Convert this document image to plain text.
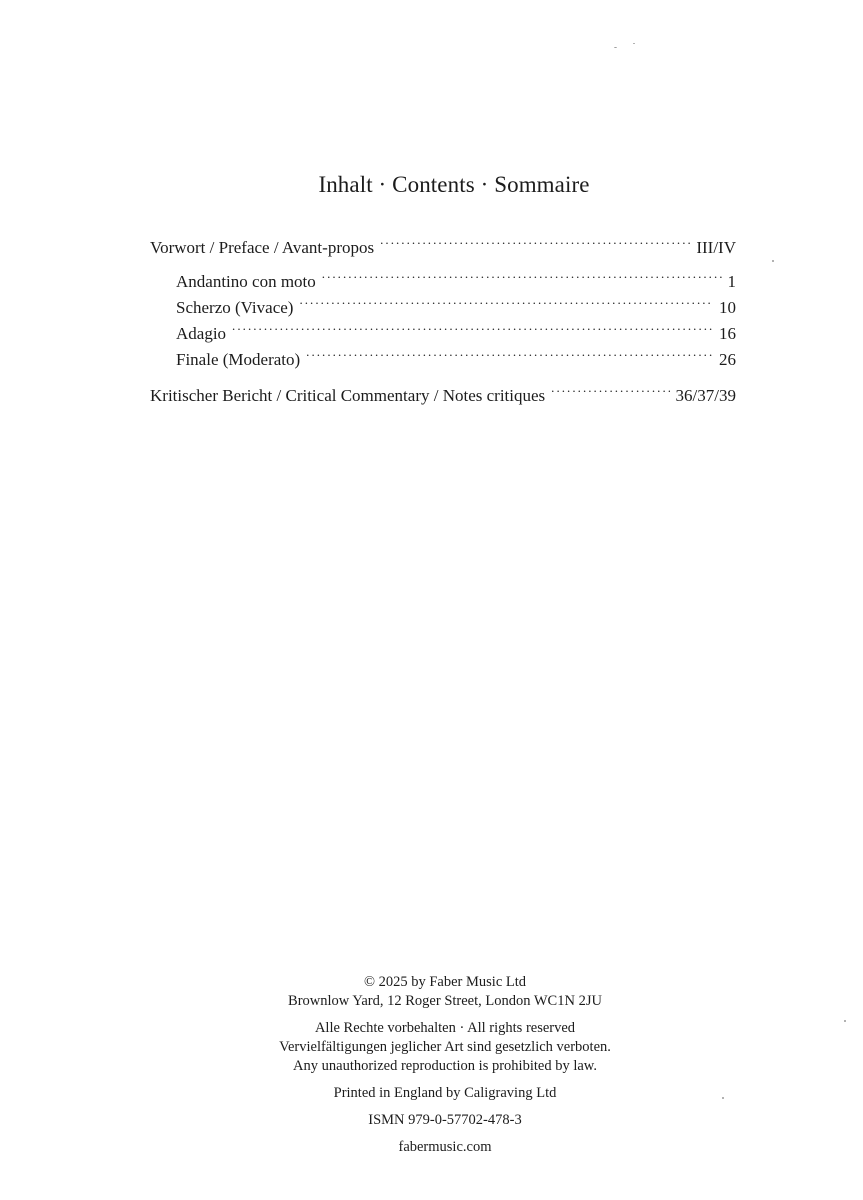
Inhalt · Contents · Sommaire
Vorwort / Preface / Avant-propos . . .	III/IV
Andantino con moto . . .	1
Scherzo (Vivace) . . .	10
Adagio . . .	16
Finale (Moderato) . . .	26
Kritischer Bericht / Critical Commentary / Notes critiques . . .	36/37/39
© 2025 by Faber Music Ltd
Brownlow Yard, 12 Roger Street, London WC1N 2JU
Alle Rechte vorbehalten · All rights reserved
Vervielfältigungen jeglicher Art sind gesetzlich verboten.
Any unauthorized reproduction is prohibited by law.
Printed in England by Caligraving Ltd
ISMN 979-0-57702-478-3
fabermusic.com
